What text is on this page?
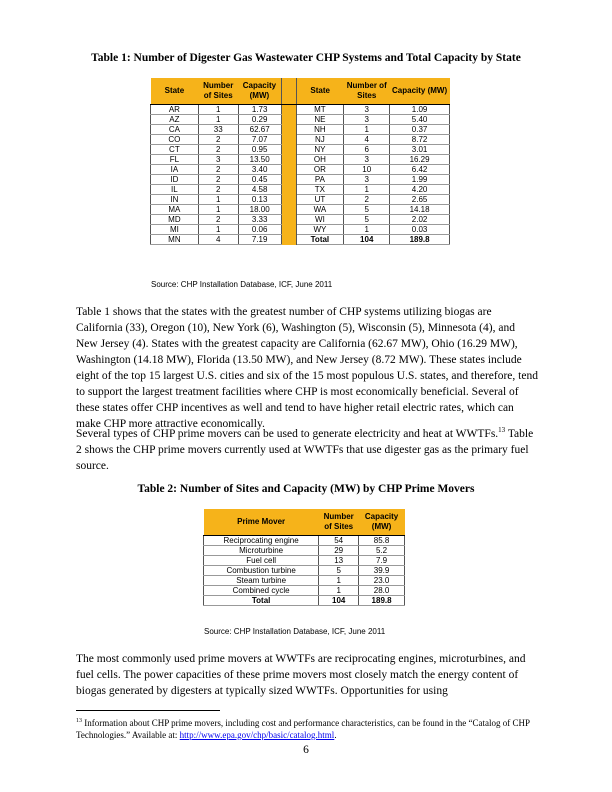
Table 1: Number of Digester Gas Wastewater CHP Systems and Total Capacity by State
State	Number of Sites	Capacity (MW)		State	Number of Sites	Capacity (MW)
AR	1	1.73		MT	3	1.09
AZ	1	0.29		NE	3	5.40
CA	33	62.67		NH	1	0.37
CO	2	7.07		NJ	4	8.72
CT	2	0.95		NY	6	3.01
FL	3	13.50		OH	3	16.29
IA	2	3.40		OR	10	6.42
ID	2	0.45		PA	3	1.99
IL	2	4.58		TX	1	4.20
IN	1	0.13		UT	2	2.65
MA	1	18.00		WA	5	14.18
MD	2	3.33		WI	5	2.02
MI	1	0.06		WY	1	0.03
MN	4	7.19		Total	104	189.8
Source: CHP Installation Database, ICF, June 2011

Table 1 shows that the states with the greatest number of CHP systems utilizing biogas are California (33), Oregon (10), New York (6), Washington (5), Wisconsin (5), Minnesota (4), and New Jersey (4). States with the greatest capacity are California (62.67 MW), Ohio (16.29 MW), Washington (14.18 MW), Florida (13.50 MW), and New Jersey (8.72 MW). These states include eight of the top 15 largest U.S. cities and six of the 15 most populous U.S. states, and therefore, tend to support the largest treatment facilities where CHP is most economically beneficial. Several of these states offer CHP incentives as well and tend to have higher retail electric rates, which can make CHP more attractive economically.

Several types of CHP prime movers can be used to generate electricity and heat at WWTFs.$^{13}$ Table 2 shows the CHP prime movers currently used at WWTFs that use digester gas as the primary fuel source.

Table 2: Number of Sites and Capacity (MW) by CHP Prime Movers
Prime Mover	Number of Sites	Capacity (MW)
Reciprocating engine	54	85.8
Microturbine	29	5.2
Fuel cell	13	7.9
Combustion turbine	5	39.9
Steam turbine	1	23.0
Combined cycle	1	28.0
Total	104	189.8
Source: CHP Installation Database, ICF, June 2011

The most commonly used prime movers at WWTFs are reciprocating engines, microturbines, and fuel cells. The power capacities of these prime movers most closely match the energy content of biogas generated by digesters at typically sized WWTFs. Opportunities for using

$^{13}$ Information about CHP prime movers, including cost and performance characteristics, can be found in the “Catalog of CHP Technologies.” Available at: http://www.epa.gov/chp/basic/catalog.html.
6
